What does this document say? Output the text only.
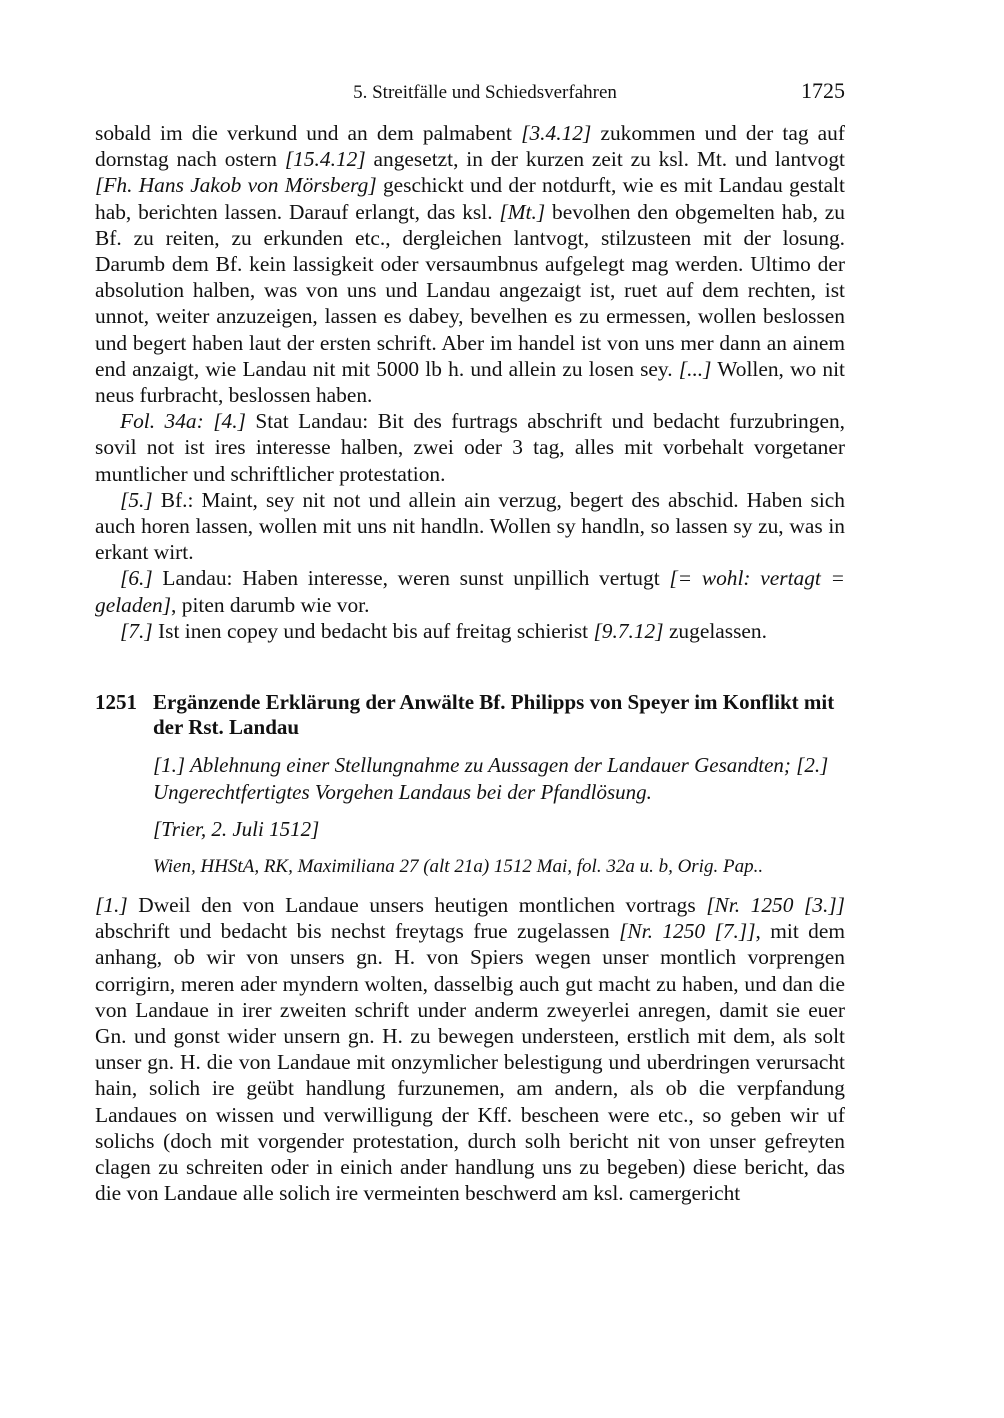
5. Streitfälle und Schiedsverfahren	1725

sobald im die verkund und an dem palmabent [3.4.12] zukommen und der tag auf dornstag nach ostern [15.4.12] angesetzt, in der kurzen zeit zu ksl. Mt. und lantvogt [Fh. Hans Jakob von Mörsberg] geschickt und der notdurft, wie es mit Landau gestalt hab, berichten lassen. Darauf erlangt, das ksl. [Mt.] bevolhen den obgemelten hab, zu Bf. zu reiten, zu erkunden etc., dergleichen lantvogt, stilzusteen mit der losung. Darumb dem Bf. kein lassigkeit oder versaumbnus aufgelegt mag werden. Ultimo der absolution halben, was von uns und Landau angezaigt ist, ruet auf dem rechten, ist unnot, weiter anzuzeigen, lassen es dabey, bevelhen es zu ermessen, wollen beslossen und begert haben laut der ersten schrift. Aber im handel ist von uns mer dann an ainem end anzaigt, wie Landau nit mit 5000 lb h. und allein zu losen sey. [...] Wollen, wo nit neus furbracht, beslossen haben.

Fol. 34a: [4.] Stat Landau: Bit des furtrags abschrift und bedacht furzubringen, sovil not ist ires interesse halben, zwei oder 3 tag, alles mit vorbehalt vorgetaner muntlicher und schriftlicher protestation.

[5.] Bf.: Maint, sey nit not und allein ain verzug, begert des abschid. Haben sich auch horen lassen, wollen mit uns nit handln. Wollen sy handln, so lassen sy zu, was in erkant wirt.

[6.] Landau: Haben interesse, weren sunst unpillich vertugt [= wohl: vertagt = geladen], piten darumb wie vor.

[7.] Ist inen copey und bedacht bis auf freitag schierist [9.7.12] zugelassen.

1251 Ergänzende Erklärung der Anwälte Bf. Philipps von Speyer im Konflikt mit der Rst. Landau
[1.] Ablehnung einer Stellungnahme zu Aussagen der Landauer Gesandten; [2.] Ungerechtfertigtes Vorgehen Landaus bei der Pfandlösung.
[Trier, 2. Juli 1512]
Wien, HHStA, RK, Maximiliana 27 (alt 21a) 1512 Mai, fol. 32a u. b, Orig. Pap..

[1.] Dweil den von Landaue unsers heutigen montlichen vortrags [Nr. 1250 [3.]] abschrift und bedacht bis nechst freytags frue zugelassen [Nr. 1250 [7.]], mit dem anhang, ob wir von unsers gn. H. von Spiers wegen unser montlich vorprengen corrigirn, meren ader myndern wolten, dasselbig auch gut macht zu haben, und dan die von Landaue in irer zweiten schrift under anderm zweyerlei anregen, damit sie euer Gn. und gonst wider unsern gn. H. zu bewegen understeen, erstlich mit dem, als solt unser gn. H. die von Landaue mit onzymlicher belestigung und uberdringen verursacht hain, solich ire geübt handlung furzunemen, am andern, als ob die verpfandung Landaues on wissen und verwilligung der Kff. bescheen were etc., so geben wir uf solichs (doch mit vorgender protestation, durch solh bericht nit von unser gefreyten clagen zu schreiten oder in einich ander handlung uns zu begeben) diese bericht, das die von Landaue alle solich ire vermeinten beschwerd am ksl. camergericht
